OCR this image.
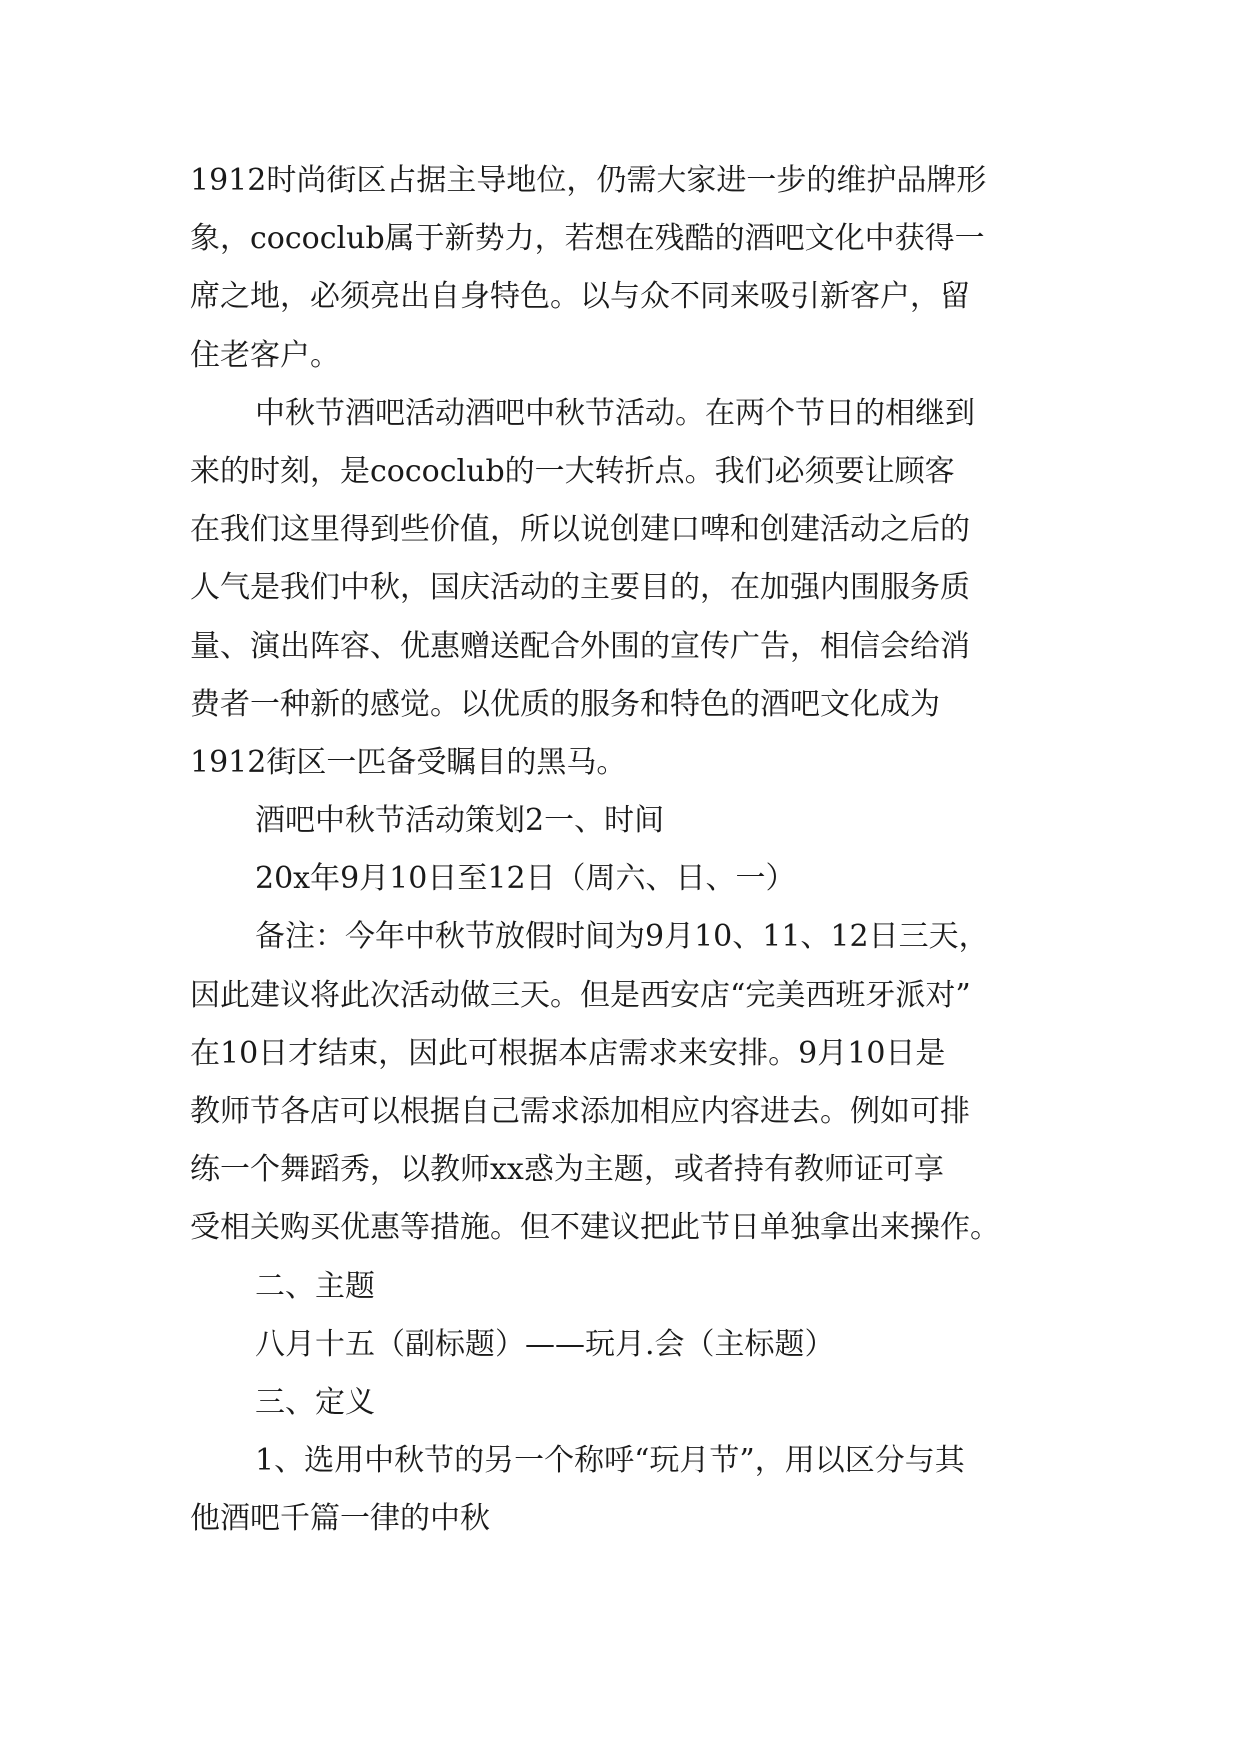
1912时尚街区占据主导地位，仍需大家进一步的维护品牌形
象，cococlub属于新势力，若想在残酷的酒吧文化中获得一
席之地，必须亮出自身特色。以与众不同来吸引新客户，留
住老客户。
中秋节酒吧活动酒吧中秋节活动。在两个节日的相继到
来的时刻，是cococlub的一大转折点。我们必须要让顾客
在我们这里得到些价值，所以说创建口啤和创建活动之后的
人气是我们中秋，国庆活动的主要目的，在加强内围服务质
量、演出阵容、优惠赠送配合外围的宣传广告，相信会给消
费者一种新的感觉。以优质的服务和特色的酒吧文化成为
1912街区一匹备受瞩目的黑马。
酒吧中秋节活动策划2一、时间
20x年9月10日至12日（周六、日、一）
备注：今年中秋节放假时间为9月10、11、12日三天，
因此建议将此次活动做三天。但是西安店“完美西班牙派对”
在10日才结束，因此可根据本店需求来安排。9月10日是
教师节各店可以根据自己需求添加相应内容进去。例如可排
练一个舞蹈秀，以教师xx惑为主题，或者持有教师证可享
受相关购买优惠等措施。但不建议把此节日单独拿出来操作。
二、主题
八月十五（副标题）——玩月.会（主标题）
三、定义
1、选用中秋节的另一个称呼“玩月节”，用以区分与其
他酒吧千篇一律的中秋
